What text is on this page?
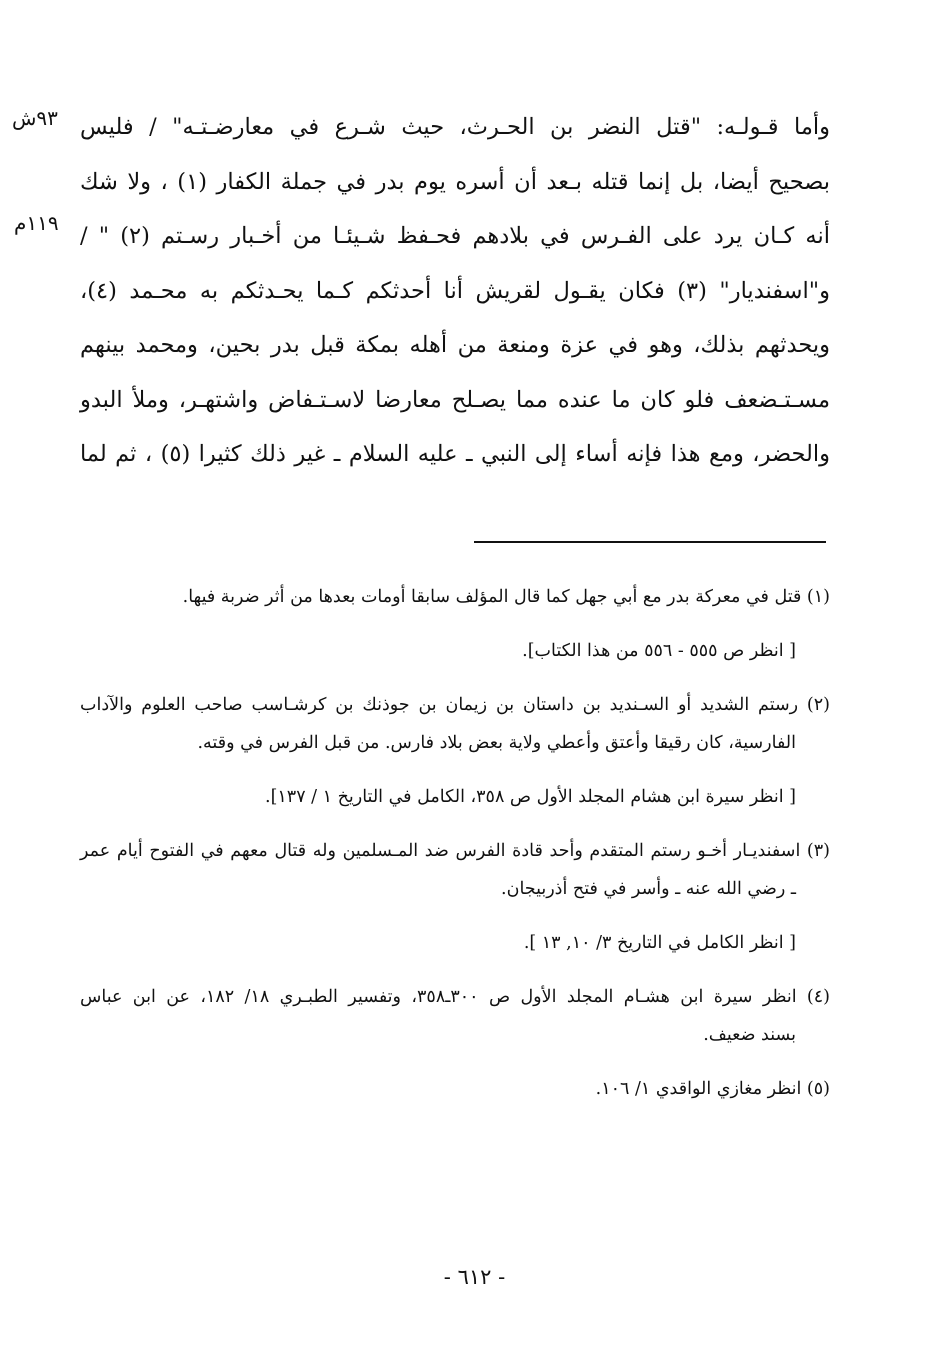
٩٣ش
١١٩م
وأما قـولـه: "قتل النضر بن الحـرث، حيث شـرع في معارضـتـه" / فليس
بصحيح أيضا، بل إنما قتله بـعد أن أسره يوم بدر في جملة الكفار (١) ، ولا شك
أنه كـان يرد على الفـرس في بلادهم فحـفظ شـيئـا من أخـبار رسـتم (٢) " /
و"اسفنديار" (٣) فكان يقـول لقريش أنا أحدثكم كـما يحـدثكم به محـمد (٤)،
ويحدثهم بذلك، وهو في عزة ومنعة من أهله بمكة قبل بدر بحين، ومحمد بينهم
مسـتـضعف فلو كان ما عنده مما يصـلح معارضا لاسـتـفاض واشتهـر، وملأ البدو
والحضر، ومع هذا فإنه أساء إلى النبي ـ عليه السلام ـ غير ذلك كثيرا (٥) ، ثم لما
(١) قتل في معركة بدر مع أبي جهل كما قال المؤلف سابقا أومات بعدها من أثر ضربة فيها.
[ انظر ص ٥٥٥ - ٥٥٦ من هذا الكتاب].
(٢) رستم الشديد أو السـنديد بن داستان بن زيمان بن جوذنك بن كرشـاسب صاحب العلوم والآداب
الفارسية، كان رقيقا وأعتق وأعطي ولاية بعض بلاد فارس. من قبل الفرس في وقته.
[ انظر سيرة ابن هشام المجلد الأول ص ٣٥٨، الكامل في التاريخ ١ / ١٣٧].
(٣) اسفنديـار أخـو رستم المتقدم وأحد قادة الفرس ضد المـسلمين وله قتال معهم في الفتوح أيام عمر
ـ رضي الله عنه ـ وأسر في فتح أذربيجان.
[ انظر الكامل في التاريخ ٣/ ١٠, ١٣ ].
(٤) انظر سيرة ابن هشـام المجلد الأول ص ٣٠٠ـ٣٥٨، وتفسير الطبـري ١٨/ ١٨٢، عن ابن عباس
بسند ضعيف.
(٥) انظر مغازي الواقدي ١/ ١٠٦.
- ٦١٢ -
